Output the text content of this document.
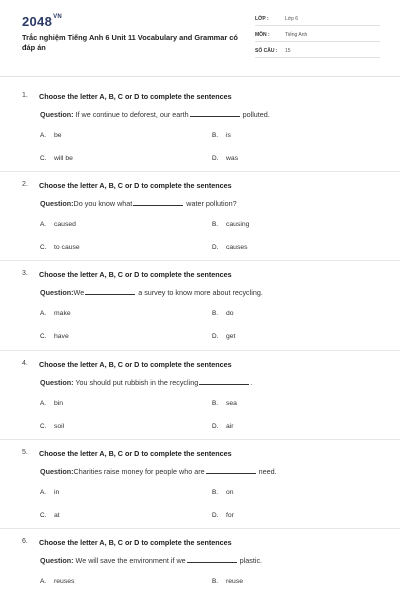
$2048^{VN}$
Trắc nghiệm Tiếng Anh 6 Unit 11 Vocabulary and Grammar có đáp án
LỚP :	Lớp 6
MÔN :	Tiếng Anh
SỐ CÂU : 15
1. Choose the letter A, B, C or D to complete the sentences
Question: If we continue to deforest, our earth	polluted.
A. be	B. is
C. will be	D. was
2. Choose the letter A, B, C or D to complete the sentences
Question:Do you know what	water pollution?
A. caused	B. causing
C. to cause	D. causes
3. Choose the letter A, B, C or D to complete the sentences
Question:We	a survey to know more about recycling.
A. make	B. do
C. have	D. get
4. Choose the letter A, B, C or D to complete the sentences
Question: You should put rubbish in the recycling	.
A. bin	B. sea
C. soil	D. air
5. Choose the letter A, B, C or D to complete the sentences
Question:Charities raise money for people who are	need.
A. in	B. on
C. at	D. for
6. Choose the letter A, B, C or D to complete the sentences
Question: We will save the environment if we	plastic.
A. reuses	B. reuse
